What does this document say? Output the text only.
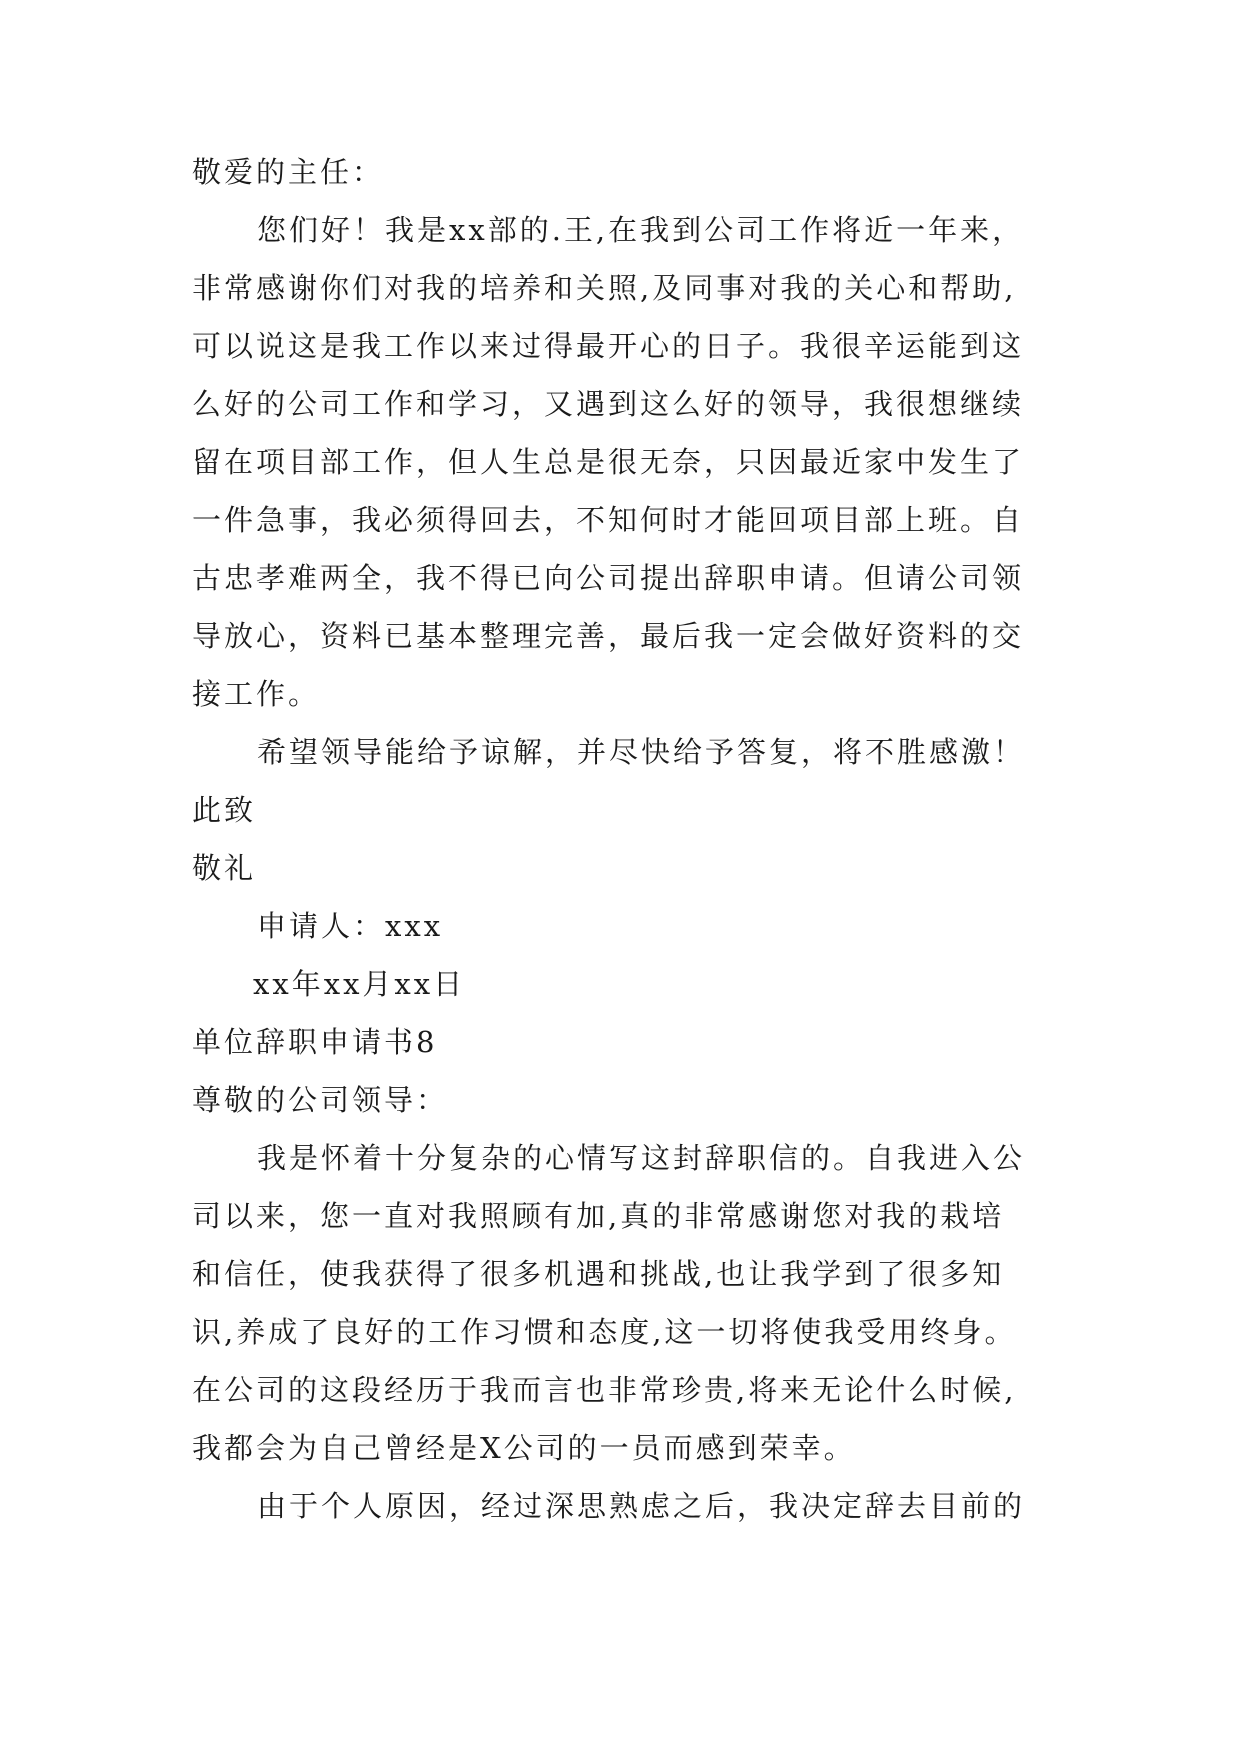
敬爱的主任：
您们好！我是xx部的.王,在我到公司工作将近一年来，
非常感谢你们对我的培养和关照,及同事对我的关心和帮助,
可以说这是我工作以来过得最开心的日子。我很辛运能到这
么好的公司工作和学习，又遇到这么好的领导，我很想继续
留在项目部工作，但人生总是很无奈，只因最近家中发生了
一件急事，我必须得回去，不知何时才能回项目部上班。自
古忠孝难两全，我不得已向公司提出辞职申请。但请公司领
导放心，资料已基本整理完善，最后我一定会做好资料的交
接工作。
希望领导能给予谅解，并尽快给予答复，将不胜感激！
此致
敬礼
申请人：xxx
xx年xx月xx日
单位辞职申请书8
尊敬的公司领导：
我是怀着十分复杂的心情写这封辞职信的。自我进入公
司以来，您一直对我照顾有加,真的非常感谢您对我的栽培
和信任，使我获得了很多机遇和挑战,也让我学到了很多知
识,养成了良好的工作习惯和态度,这一切将使我受用终身。
在公司的这段经历于我而言也非常珍贵,将来无论什么时候,
我都会为自己曾经是X公司的一员而感到荣幸。
由于个人原因，经过深思熟虑之后，我决定辞去目前的
